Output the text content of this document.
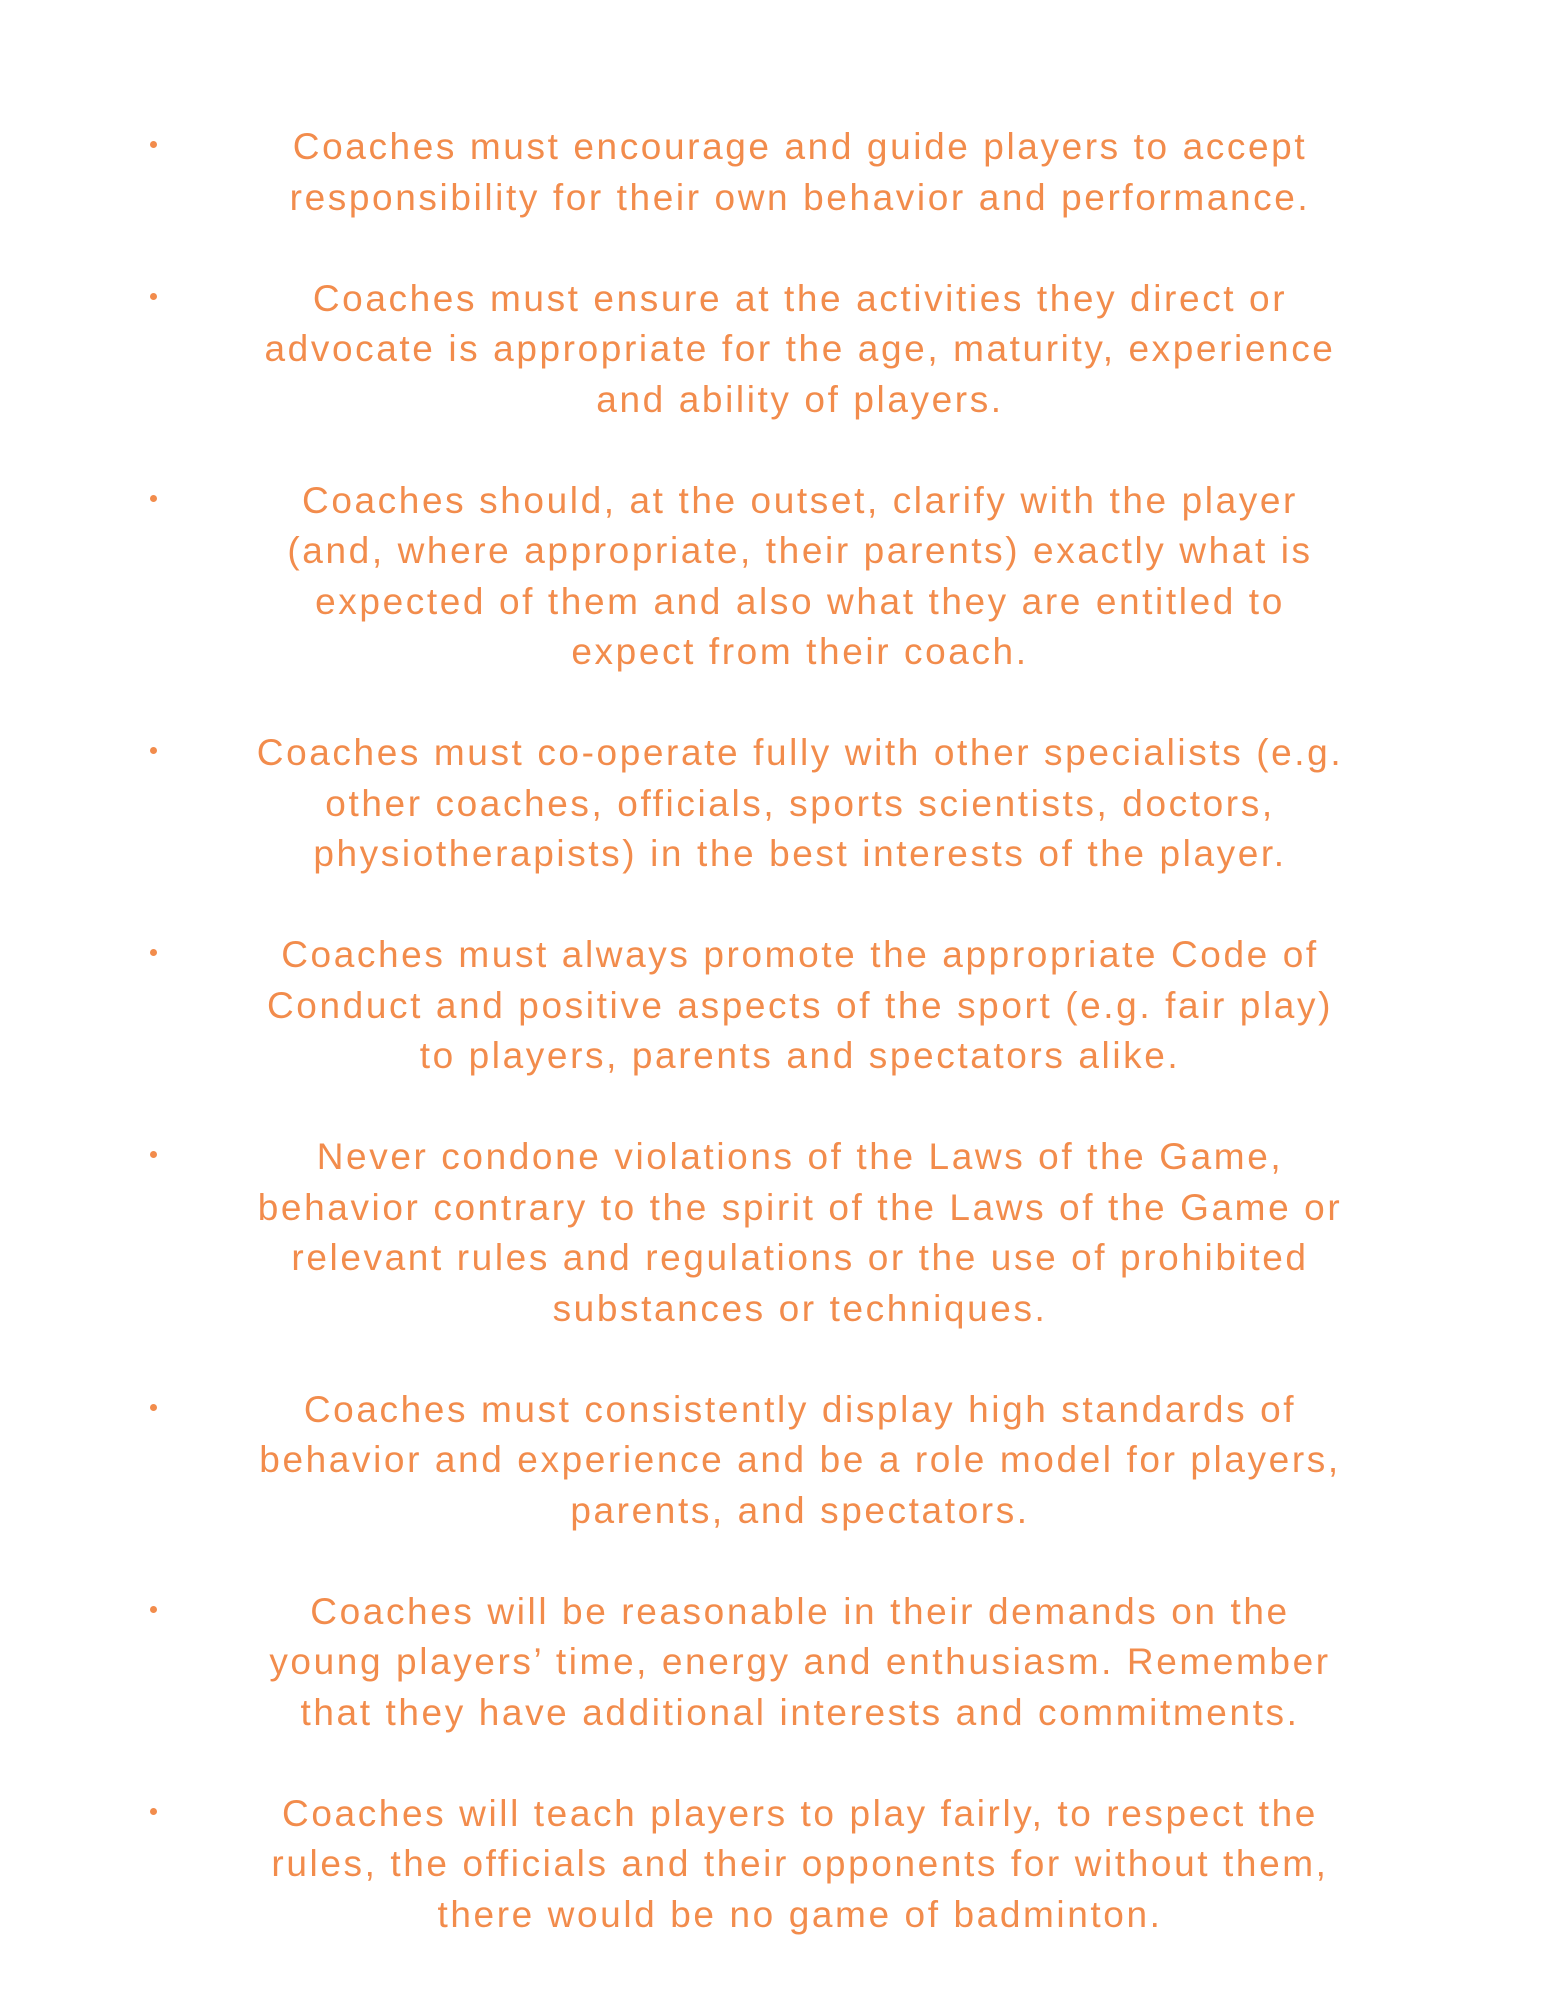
Coaches must encourage and guide players to accept
responsibility for their own behavior and performance.
Coaches must ensure at the activities they direct or
advocate is appropriate for the age, maturity, experience
and ability of players.
Coaches should, at the outset, clarify with the player
(and, where appropriate, their parents) exactly what is
expected of them and also what they are entitled to
expect from their coach.
Coaches must co-operate fully with other specialists (e.g.
other coaches, officials, sports scientists, doctors,
physiotherapists) in the best interests of the player.
Coaches must always promote the appropriate Code of
Conduct and positive aspects of the sport (e.g. fair play)
to players, parents and spectators alike.
Never condone violations of the Laws of the Game,
behavior contrary to the spirit of the Laws of the Game or
relevant rules and regulations or the use of prohibited
substances or techniques.
Coaches must consistently display high standards of
behavior and experience and be a role model for players,
parents, and spectators.
Coaches will be reasonable in their demands on the
young players’ time, energy and enthusiasm. Remember
that they have additional interests and commitments.
Coaches will teach players to play fairly, to respect the
rules, the officials and their opponents for without them,
there would be no game of badminton.
